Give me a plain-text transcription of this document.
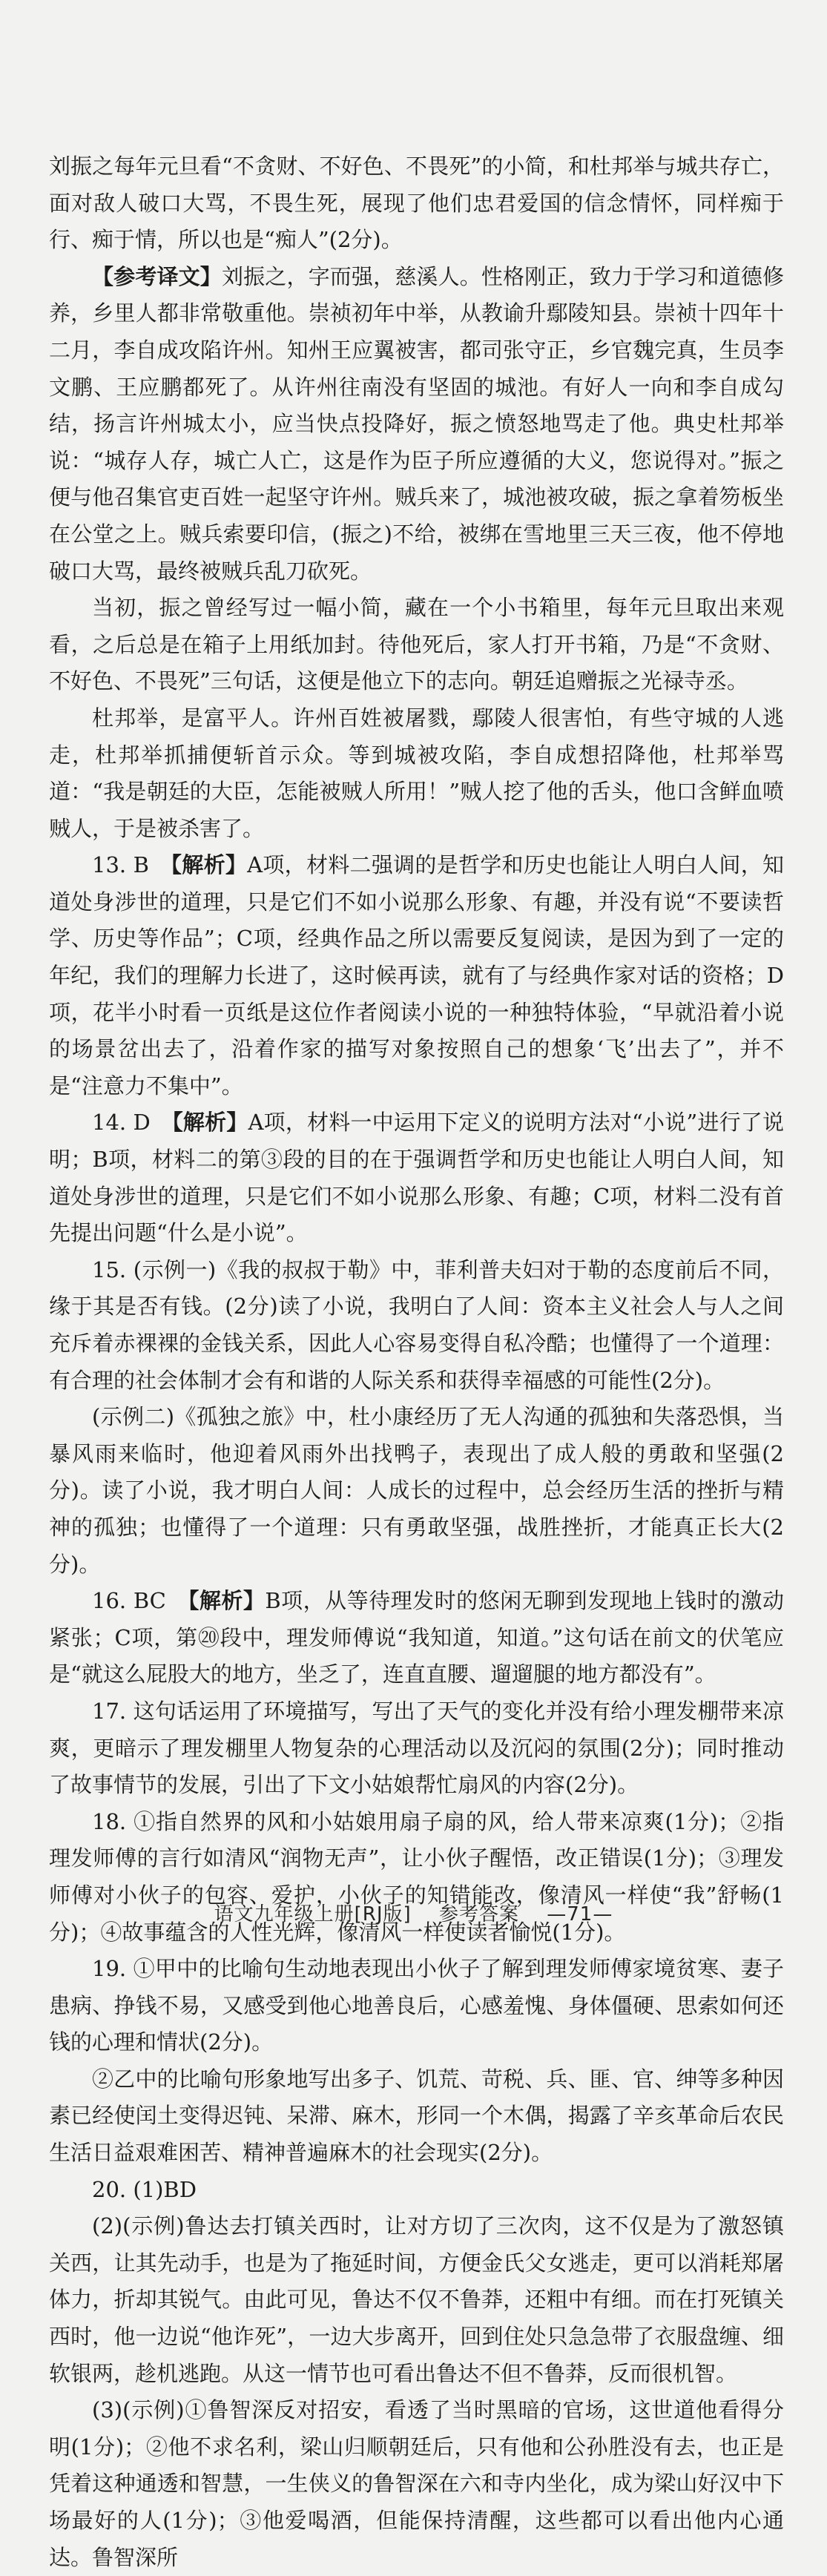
刘振之每年元旦看“不贪财、不好色、不畏死”的小简，和杜邦举与城共存亡，面对敌人破口大骂，不畏生死，展现了他们忠君爱国的信念情怀，同样痴于行、痴于情，所以也是“痴人”(2分)。

【参考译文】刘振之，字而强，慈溪人。性格刚正，致力于学习和道德修养，乡里人都非常敬重他。崇祯初年中举，从教谕升鄢陵知县。崇祯十四年十二月，李自成攻陷许州。知州王应翼被害，都司张守正，乡官魏完真，生员李文鹏、王应鹏都死了。从许州往南没有坚固的城池。有好人一向和李自成勾结，扬言许州城太小，应当快点投降好，振之愤怒地骂走了他。典史杜邦举说：“城存人存，城亡人亡，这是作为臣子所应遵循的大义，您说得对。”振之便与他召集官吏百姓一起坚守许州。贼兵来了，城池被攻破，振之拿着笏板坐在公堂之上。贼兵索要印信，(振之)不给，被绑在雪地里三天三夜，他不停地破口大骂，最终被贼兵乱刀砍死。

当初，振之曾经写过一幅小简，藏在一个小书箱里，每年元旦取出来观看，之后总是在箱子上用纸加封。待他死后，家人打开书箱，乃是“不贪财、不好色、不畏死”三句话，这便是他立下的志向。朝廷追赠振之光禄寺丞。

杜邦举，是富平人。许州百姓被屠戮，鄢陵人很害怕，有些守城的人逃走，杜邦举抓捕便斩首示众。等到城被攻陷，李自成想招降他，杜邦举骂道：“我是朝廷的大臣，怎能被贼人所用！”贼人挖了他的舌头，他口含鲜血喷贼人，于是被杀害了。

13. B　【解析】A项，材料二强调的是哲学和历史也能让人明白人间，知道处身涉世的道理，只是它们不如小说那么形象、有趣，并没有说“不要读哲学、历史等作品”；C项，经典作品之所以需要反复阅读，是因为到了一定的年纪，我们的理解力长进了，这时候再读，就有了与经典作家对话的资格；D项，花半小时看一页纸是这位作者阅读小说的一种独特体验，“早就沿着小说的场景岔出去了，沿着作家的描写对象按照自己的想象‘飞’出去了”，并不是“注意力不集中”。

14. D　【解析】A项，材料一中运用下定义的说明方法对“小说”进行了说明；B项，材料二的第③段的目的在于强调哲学和历史也能让人明白人间，知道处身涉世的道理，只是它们不如小说那么形象、有趣；C项，材料二没有首先提出问题“什么是小说”。

15. (示例一)《我的叔叔于勒》中，菲利普夫妇对于勒的态度前后不同，缘于其是否有钱。(2分)读了小说，我明白了人间：资本主义社会人与人之间充斥着赤裸裸的金钱关系，因此人心容易变得自私冷酷；也懂得了一个道理：有合理的社会体制才会有和谐的人际关系和获得幸福感的可能性(2分)。

(示例二)《孤独之旅》中，杜小康经历了无人沟通的孤独和失落恐惧，当暴风雨来临时，他迎着风雨外出找鸭子，表现出了成人般的勇敢和坚强(2分)。读了小说，我才明白人间：人成长的过程中，总会经历生活的挫折与精神的孤独；也懂得了一个道理：只有勇敢坚强，战胜挫折，才能真正长大(2分)。

16. BC　【解析】B项，从等待理发时的悠闲无聊到发现地上钱时的激动紧张；C项，第⑳段中，理发师傅说“我知道，知道。”这句话在前文的伏笔应是“就这么屁股大的地方，坐乏了，连直直腰、遛遛腿的地方都没有”。

17. 这句话运用了环境描写，写出了天气的变化并没有给小理发棚带来凉爽，更暗示了理发棚里人物复杂的心理活动以及沉闷的氛围(2分)；同时推动了故事情节的发展，引出了下文小姑娘帮忙扇风的内容(2分)。

18. ①指自然界的风和小姑娘用扇子扇的风，给人带来凉爽(1分)；②指理发师傅的言行如清风“润物无声”，让小伙子醒悟，改正错误(1分)；③理发师傅对小伙子的包容、爱护，小伙子的知错能改，像清风一样使“我”舒畅(1分)；④故事蕴含的人性光辉，像清风一样使读者愉悦(1分)。

19. ①甲中的比喻句生动地表现出小伙子了解到理发师傅家境贫寒、妻子患病、挣钱不易，又感受到他心地善良后，心感羞愧、身体僵硬、思索如何还钱的心理和情状(2分)。

②乙中的比喻句形象地写出多子、饥荒、苛税、兵、匪、官、绅等多种因素已经使闰土变得迟钝、呆滞、麻木，形同一个木偶，揭露了辛亥革命后农民生活日益艰难困苦、精神普遍麻木的社会现实(2分)。

20. (1)BD

(2)(示例)鲁达去打镇关西时，让对方切了三次肉，这不仅是为了激怒镇关西，让其先动手，也是为了拖延时间，方便金氏父女逃走，更可以消耗郑屠体力，折却其锐气。由此可见，鲁达不仅不鲁莽，还粗中有细。而在打死镇关西时，他一边说“他诈死”，一边大步离开，回到住处只急急带了衣服盘缠、细软银两，趁机逃跑。从这一情节也可看出鲁达不但不鲁莽，反而很机智。

(3)(示例)①鲁智深反对招安，看透了当时黑暗的官场，这世道他看得分明(1分)；②他不求名利，梁山归顺朝廷后，只有他和公孙胜没有去，也正是凭着这种通透和智慧，一生侠义的鲁智深在六和寺内坐化，成为梁山好汉中下场最好的人(1分)；③他爱喝酒，但能保持清醒，这些都可以看出他内心通达。鲁智深所

语文九年级上册[RJ版] 参考答案 —71—
